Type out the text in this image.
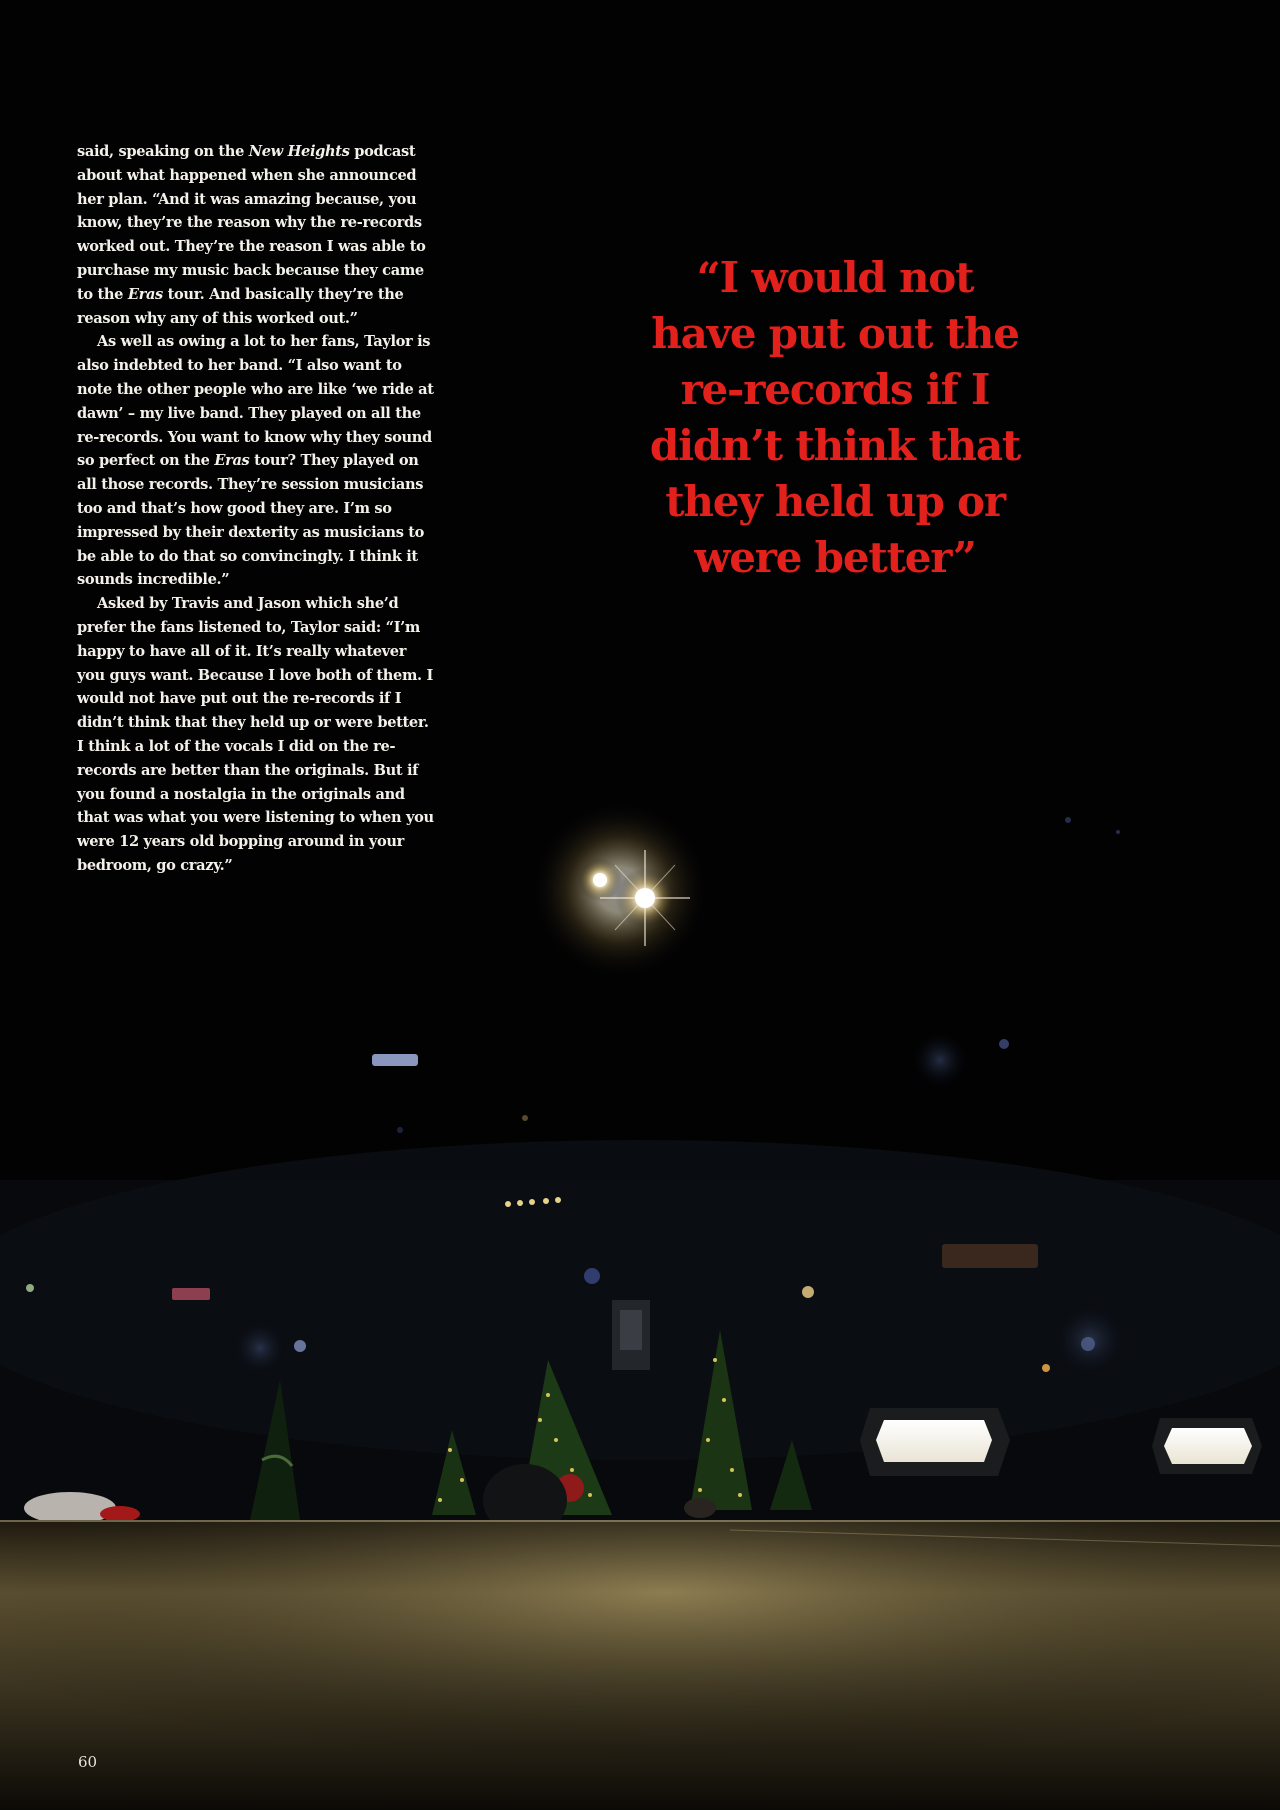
said, speaking on the New Heights podcast about what happened when she announced her plan. “And it was amazing because, you know, they’re the reason why the re-records worked out. They’re the reason I was able to purchase my music back because they came to the Eras tour. And basically they’re the reason why any of this worked out.”

As well as owing a lot to her fans, Taylor is also indebted to her band. “I also want to note the other people who are like ‘we ride at dawn’ – my live band. They played on all the re-records. You want to know why they sound so perfect on the Eras tour? They played on all those records. They’re session musicians too and that’s how good they are. I’m so impressed by their dexterity as musicians to be able to do that so convincingly. I think it sounds incredible.”

Asked by Travis and Jason which she’d prefer the fans listened to, Taylor said: “I’m happy to have all of it. It’s really whatever you guys want. Because I love both of them. I would not have put out the re-records if I didn’t think that they held up or were better. I think a lot of the vocals I did on the re-records are better than the originals. But if you found a nostalgia in the originals and that was what you were listening to when you were 12 years old bopping around in your bedroom, go crazy.”

“I would not
have put out the
re-records if I
didn’t think that
they held up or
were better”
60
